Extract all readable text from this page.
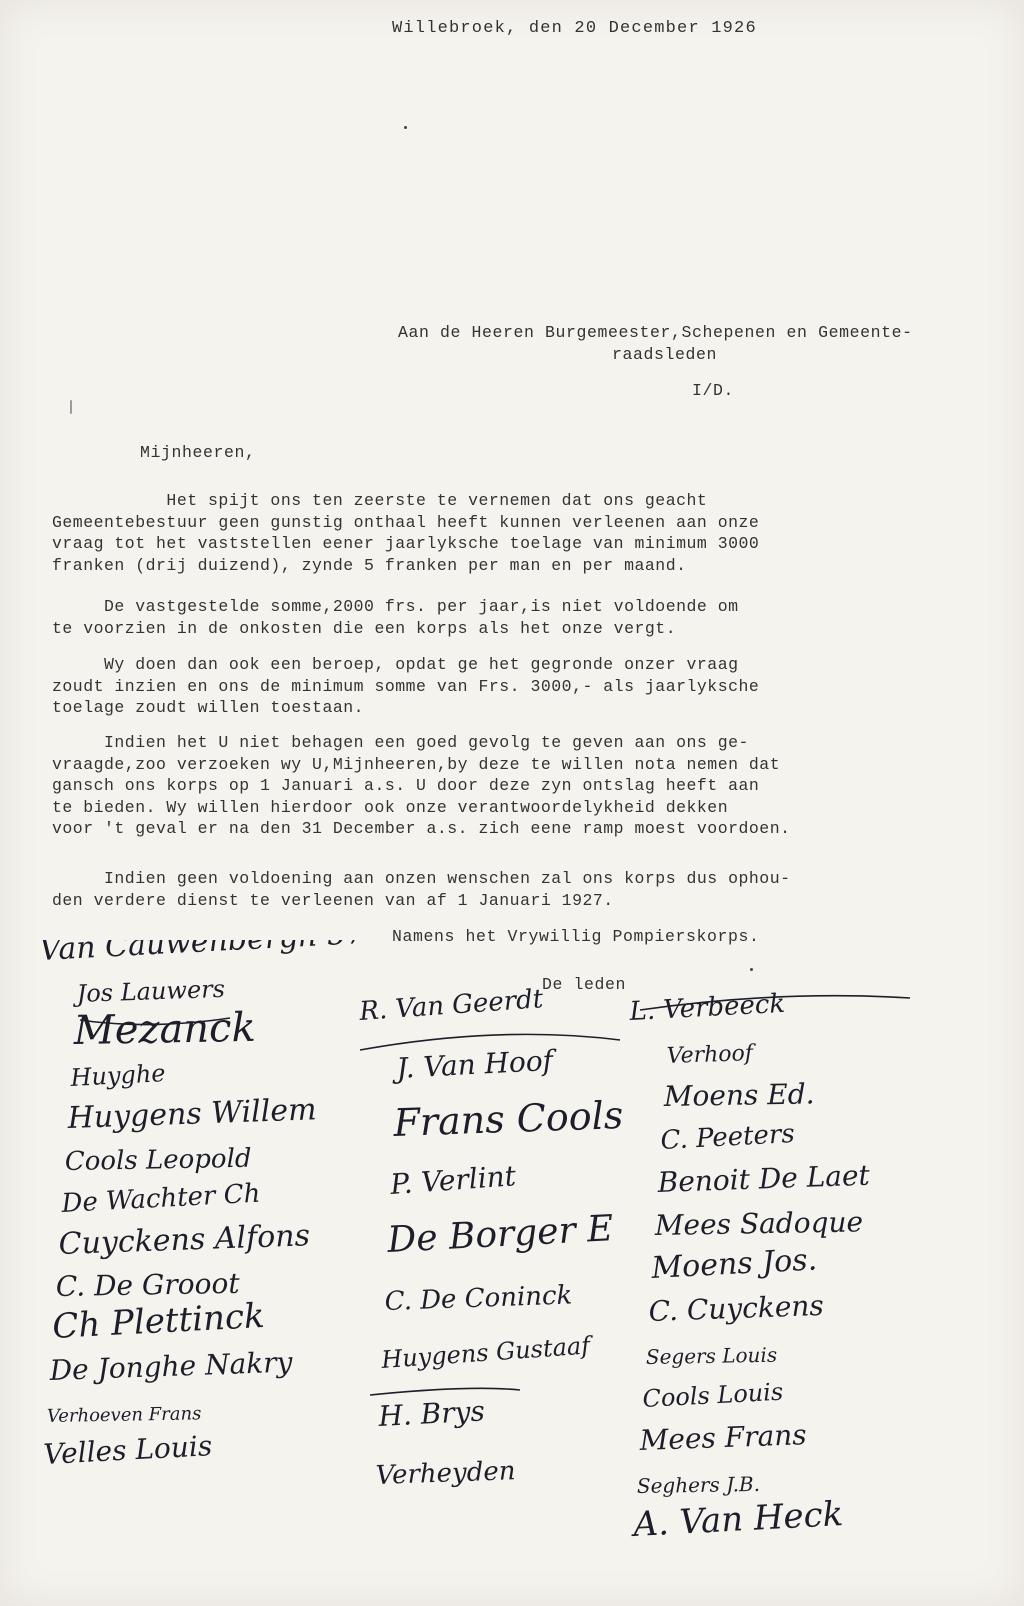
Willebroek, den 20 December 1926
Aan de Heeren Burgemeester,Schepenen en Gemeente-
raadsleden
I/D.
Mijnheeren,
Het spijt ons ten zeerste te vernemen dat ons geacht
Gemeentebestuur geen gunstig onthaal heeft kunnen verleenen aan onze
vraag tot het vaststellen eener jaarlyksche toelage van minimum 3000
franken (drij duizend), zynde 5 franken per man en per maand.
De vastgestelde somme,2000 frs. per jaar,is niet voldoende om
te voorzien in de onkosten die een korps als het onze vergt.
Wy doen dan ook een beroep, opdat ge het gegronde onzer vraag
zoudt inzien en ons de minimum somme van Frs. 3000,- als jaarlyksche
toelage zoudt willen toestaan.
Indien het U niet behagen een goed gevolg te geven aan ons ge-
vraagde,zoo verzoeken wy U,Mijnheeren,by deze te willen nota nemen dat
gansch ons korps op 1 Januari a.s. U door deze zyn ontslag heeft aan
te bieden. Wy willen hierdoor ook onze verantwoordelykheid dekken
voor 't geval er na den 31 December a.s. zich eene ramp moest voordoen.
Indien geen voldoening aan onzen wenschen zal ons korps dus ophou-
den verdere dienst te verleenen van af 1 Januari 1927.
Namens het Vrywillig Pompierskorps.
De leden
Van Cauwenbergh 57
Jos Lauwers
Mezanck
Huyghe
Huygens Willem
Cools Leopold
De Wachter Ch
Cuyckens Alfons
C. De Grooot
Ch Plettinck
De Jonghe Nakry
Verhoeven Frans
Velles Louis
R. Van Geerdt
J. Van Hoof
Frans Cools
P. Verlint
De Borger E
C. De Coninck
Huygens Gustaaf
H. Brys
Verheyden
L. Verbeeck
Verhoof
Moens Ed.
C. Peeters
Benoit De Laet
Mees Sadoque
Moens Jos.
C. Cuyckens
Segers Louis
Cools Louis
Mees Frans
Seghers J.B.
A. Van Heck
